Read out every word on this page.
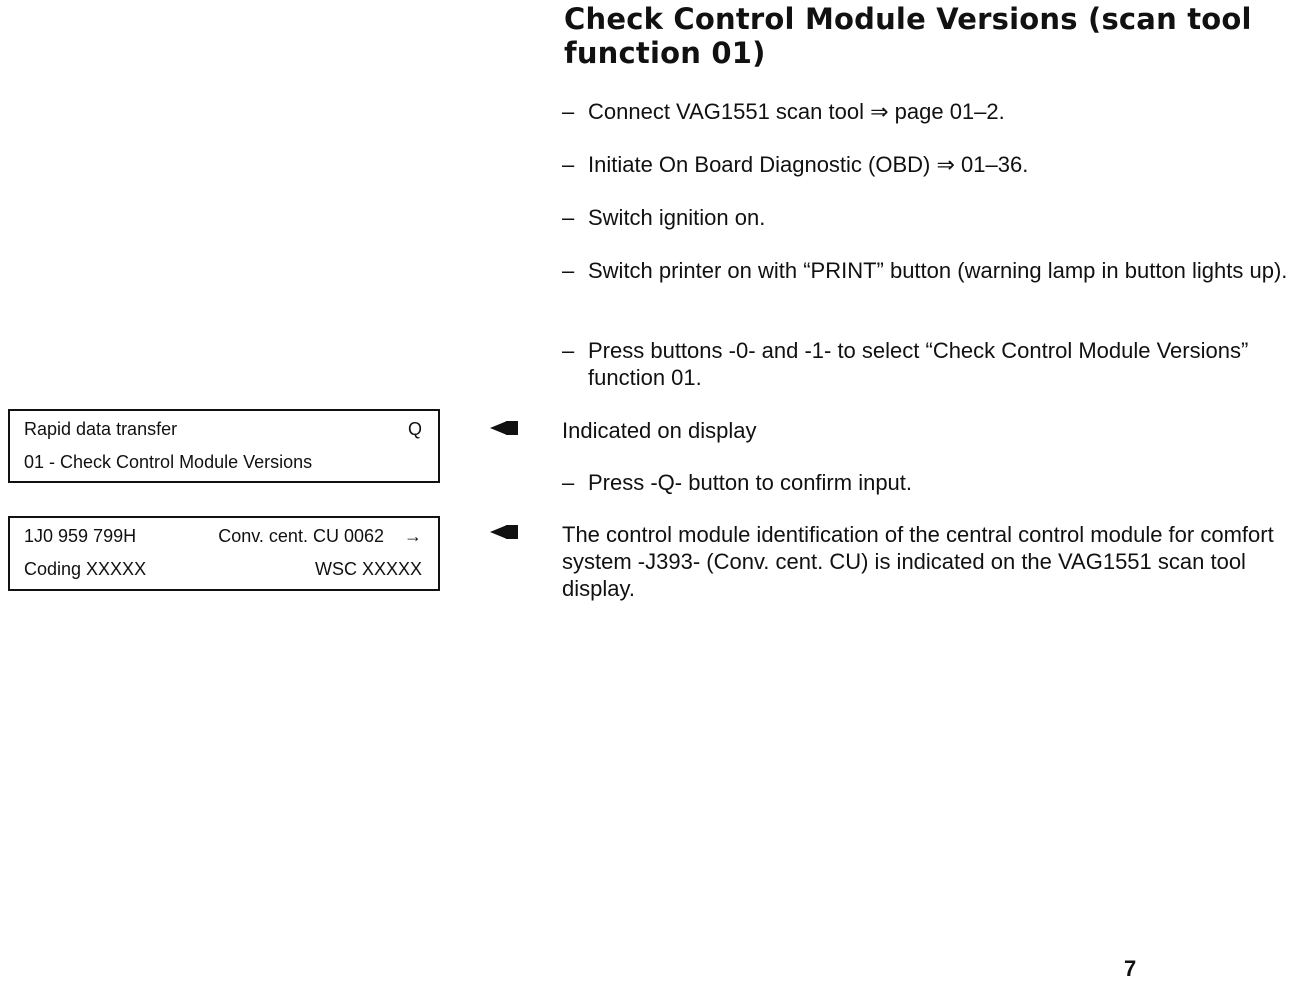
Check Control Module Versions (scan tool function 01)
– Connect VAG1551 scan tool ⇒ page 01–2.
– Initiate On Board Diagnostic (OBD) ⇒ 01–36.
– Switch ignition on.
– Switch printer on with “PRINT” button (warning lamp in button lights up).
– Press buttons -0- and -1- to select “Check Control Module Versions” function 01.
Rapid data transfer	Q
01 - Check Control Module Versions
Indicated on display
– Press -Q- button to confirm input.
1J0 959 799H	Conv. cent. CU 0062	→
Coding XXXXX	WSC XXXXX
The control module identification of the central control module for comfort system -J393- (Conv. cent. CU) is indicated on the VAG1551 scan tool display.
7
